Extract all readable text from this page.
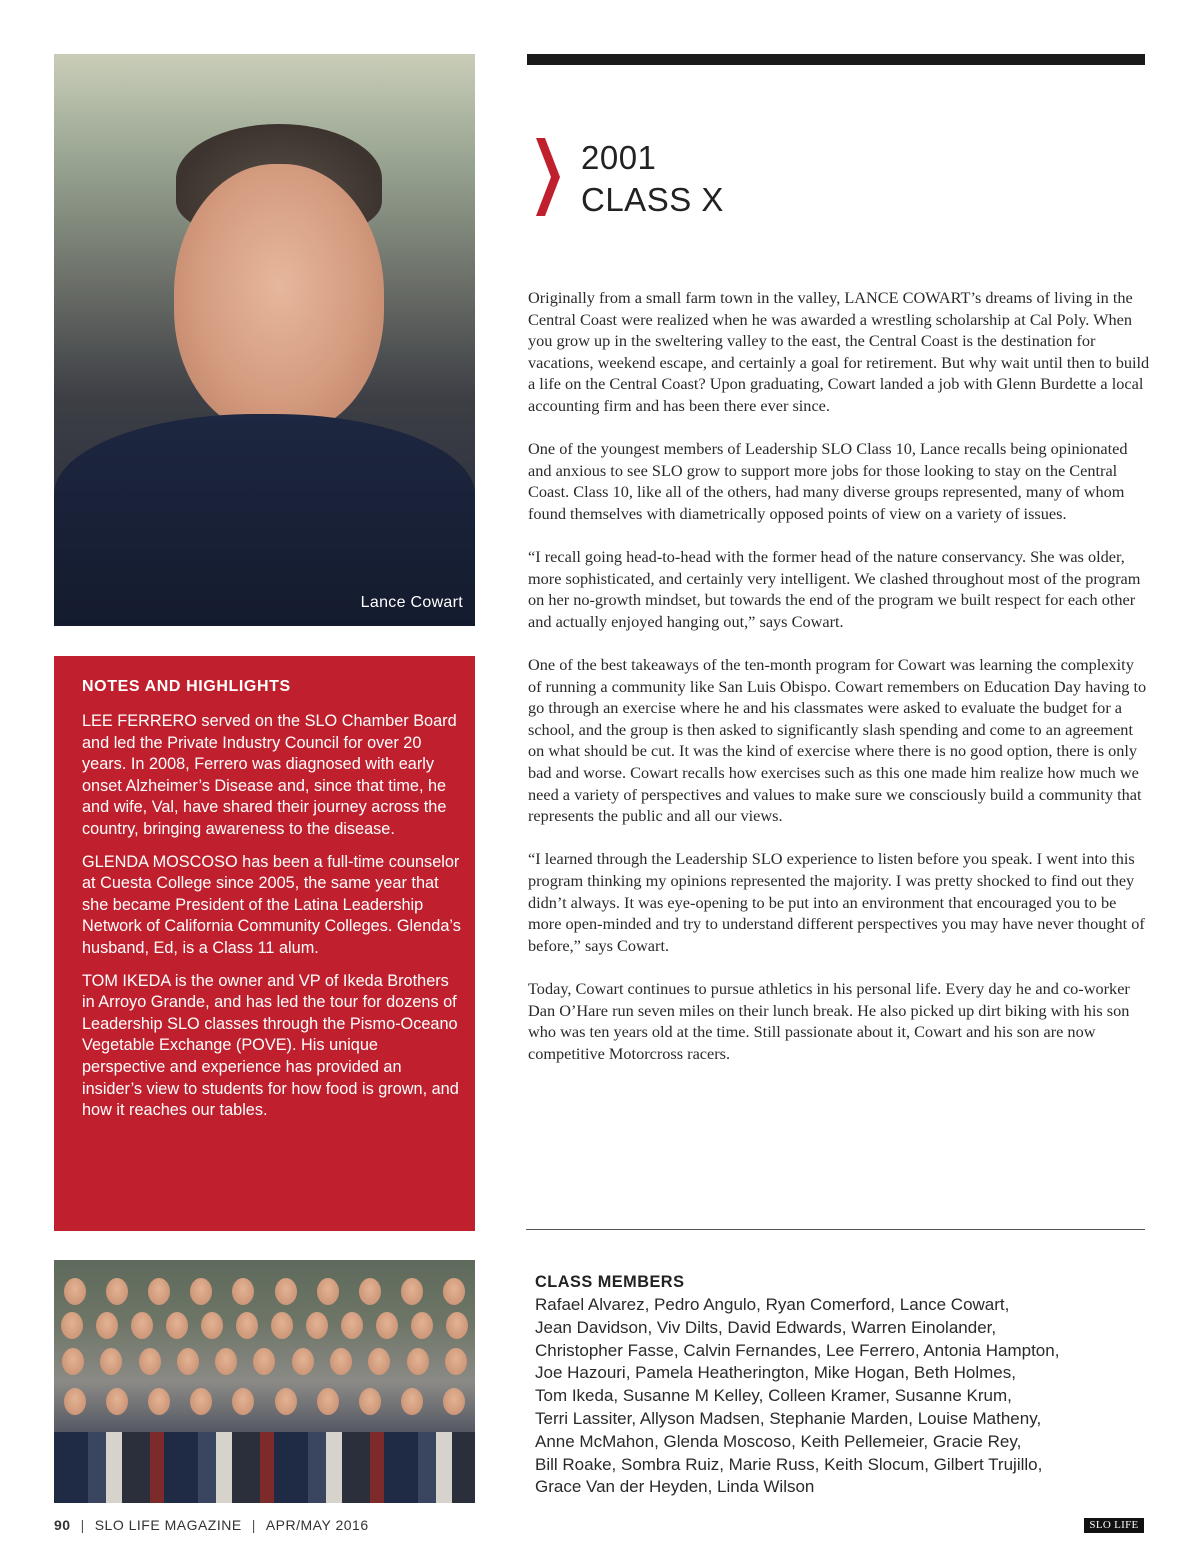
Lance Cowart
2001
CLASS X

Originally from a small farm town in the valley, LANCE COWART’s dreams of living in the Central Coast were realized when he was awarded a wrestling scholarship at Cal Poly. When you grow up in the sweltering valley to the east, the Central Coast is the destination for vacations, weekend escape, and certainly a goal for retirement. But why wait until then to build a life on the Central Coast? Upon graduating, Cowart landed a job with Glenn Burdette a local accounting firm and has been there ever since.

One of the youngest members of Leadership SLO Class 10, Lance recalls being opinionated and anxious to see SLO grow to support more jobs for those looking to stay on the Central Coast. Class 10, like all of the others, had many diverse groups represented, many of whom found themselves with diametrically opposed points of view on a variety of issues.

“I recall going head-to-head with the former head of the nature conservancy. She was older, more sophisticated, and certainly very intelligent. We clashed throughout most of the program on her no-growth mindset, but towards the end of the program we built respect for each other and actually enjoyed hanging out,” says Cowart.

One of the best takeaways of the ten-month program for Cowart was learning the complexity of running a community like San Luis Obispo. Cowart remembers on Education Day having to go through an exercise where he and his classmates were asked to evaluate the budget for a school, and the group is then asked to significantly slash spending and come to an agreement on what should be cut. It was the kind of exercise where there is no good option, there is only bad and worse. Cowart recalls how exercises such as this one made him realize how much we need a variety of perspectives and values to make sure we consciously build a community that represents the public and all our views.

“I learned through the Leadership SLO experience to listen before you speak. I went into this program thinking my opinions represented the majority. I was pretty shocked to find out they didn’t always. It was eye-opening to be put into an environment that encouraged you to be more open-minded and try to understand different perspectives you may have never thought of before,” says Cowart.

Today, Cowart continues to pursue athletics in his personal life. Every day he and co-worker Dan O’Hare run seven miles on their lunch break. He also picked up dirt biking with his son who was ten years old at the time. Still passionate about it, Cowart and his son are now competitive Motorcross racers.

NOTES AND HIGHLIGHTS

LEE FERRERO served on the SLO Chamber Board and led the Private Industry Council for over 20 years. In 2008, Ferrero was diagnosed with early onset Alzheimer’s Disease and, since that time, he and wife, Val, have shared their journey across the country, bringing awareness to the disease.

GLENDA MOSCOSO has been a full-time counselor at Cuesta College since 2005, the same year that she became President of the Latina Leadership Network of California Community Colleges. Glenda’s husband, Ed, is a Class 11 alum.

TOM IKEDA is the owner and VP of Ikeda Brothers in Arroyo Grande, and has led the tour for dozens of Leadership SLO classes through the Pismo-Oceano Vegetable Exchange (POVE). His unique perspective and experience has provided an insider’s view to students for how food is grown, and how it reaches our tables.

CLASS MEMBERS
Rafael Alvarez, Pedro Angulo, Ryan Comerford, Lance Cowart,
Jean Davidson, Viv Dilts, David Edwards, Warren Einolander,
Christopher Fasse, Calvin Fernandes, Lee Ferrero, Antonia Hampton,
Joe Hazouri, Pamela Heatherington, Mike Hogan, Beth Holmes,
Tom Ikeda, Susanne M Kelley, Colleen Kramer, Susanne Krum,
Terri Lassiter, Allyson Madsen, Stephanie Marden, Louise Matheny,
Anne McMahon, Glenda Moscoso, Keith Pellemeier, Gracie Rey,
Bill Roake, Sombra Ruiz, Marie Russ, Keith Slocum, Gilbert Trujillo,
Grace Van der Heyden, Linda Wilson
SLO LIFE
90 | SLO LIFE MAGAZINE | APR/MAY 2016
